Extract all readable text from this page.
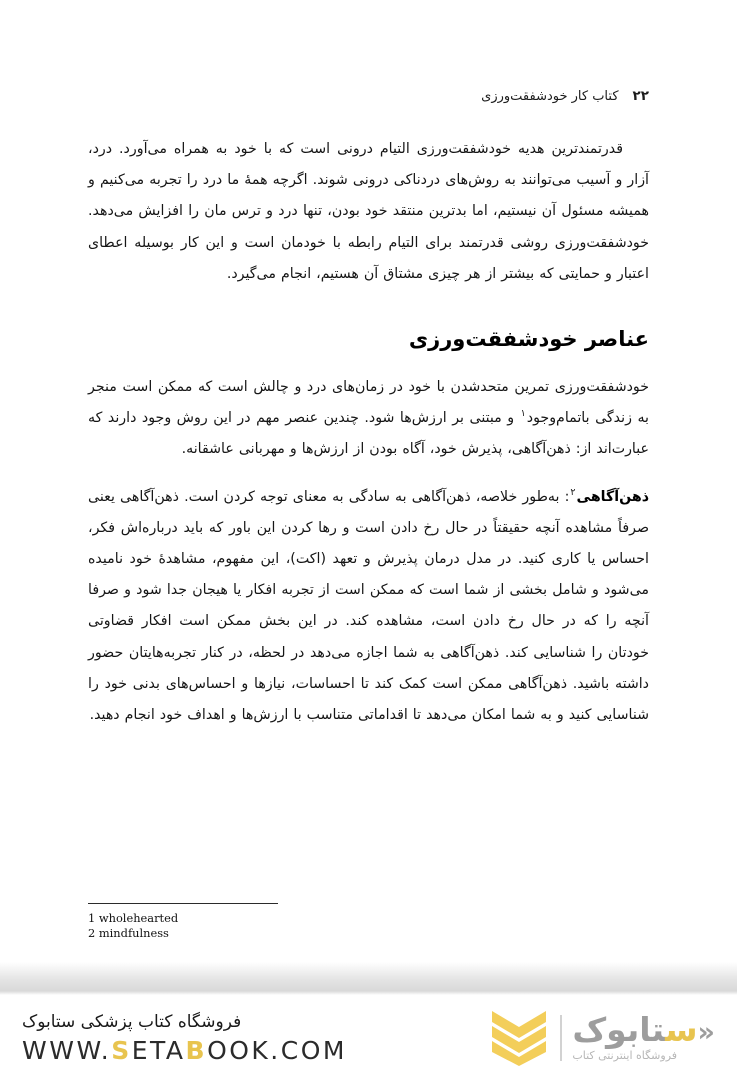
۲۲
کتاب کار خودشفقت‌ورزی

قدرتمندترین هدیه خودشفقت‌ورزی التیام درونی است که با خود به همراه می‌آورد. درد، آزار و آسیب می‌توانند به روش‌های دردناکی درونی شوند. اگرچه همهٔ ما درد را تجربه می‌کنیم و همیشه مسئول آن نیستیم، اما بدترین منتقد خود بودن، تنها درد و ترس مان را افزایش می‌دهد. خودشفقت‌ورزی روشی قدرتمند برای التیام رابطه با خودمان است و این کار بوسیله اعطای اعتبار و حمایتی که بیشتر از هر چیزی مشتاق آن هستیم، انجام می‌گیرد.

عناصر خودشفقت‌ورزی

خودشفقت‌ورزی تمرین متحدشدن با خود در زمان‌های درد و چالش است که ممکن است منجر به زندگی باتمام‌وجود$^۱$ و مبتنی بر ارزش‌ها شود. چندین عنصر مهم در این روش وجود دارند که عبارت‌اند از: ذهن‌آگاهی، پذیرش خود، آگاه بودن از ارزش‌ها و مهربانی عاشقانه.

ذهن‌آگاهی$^۲$: به‌طور خلاصه، ذهن‌آگاهی به سادگی به معنای توجه کردن است. ذهن‌آگاهی یعنی صرفاً مشاهده آنچه حقیقتاً در حال رخ دادن است و رها کردن این باور که باید درباره‌اش فکر، احساس یا کاری کنید. در مدل درمان پذیرش و تعهد (اکت)، این مفهوم، مشاهدهٔ خود نامیده می‌شود و شامل بخشی از شما است که ممکن است از تجربه افکار یا هیجان جدا شود و صرفا آنچه را که در حال رخ دادن است، مشاهده کند. در این بخش ممکن است افکار قضاوتی خودتان را شناسایی کند. ذهن‌آگاهی به شما اجازه می‌دهد در لحظه، در کنار تجربه‌هایتان حضور داشته باشید. ذهن‌آگاهی ممکن است کمک کند تا احساسات، نیازها و احساس‌های بدنی خود را شناسایی کنید و به شما امکان می‌دهد تا اقداماتی متناسب با ارزش‌ها و اهداف خود انجام دهید.

1 wholehearted
2 mindfulness
«ستابوک
فروشگاه اینترنتی کتاب
فروشگاه کتاب پزشکی ستابوک
WWW.SETABOOK.COM
